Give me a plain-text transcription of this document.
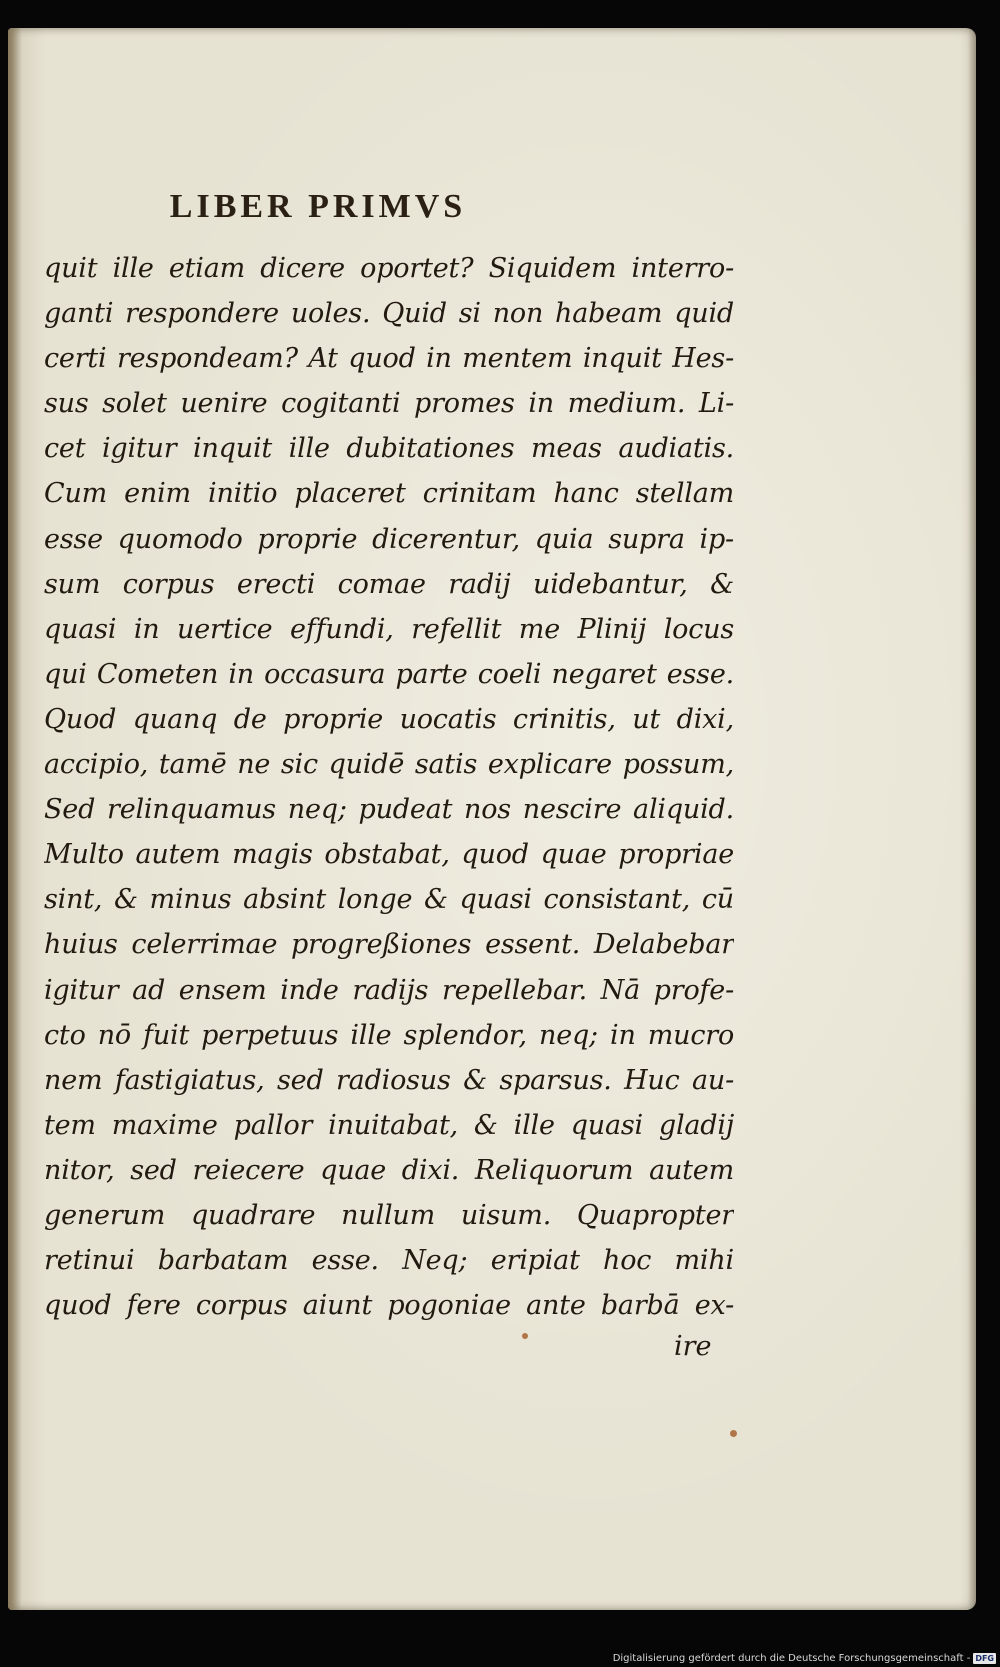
LIBER PRIMVS
quit ille etiam dicere oportet? Siquidem interro-
ganti respondere uoles. Quid si non habeam quid
certi respondeam? At quod in mentem inquit Hes-
sus solet uenire cogitanti promes in medium. Li-
cet igitur inquit ille dubitationes meas audiatis.
Cum enim initio placeret crinitam hanc stellam
esse quomodo proprie dicerentur, quia supra ip-
sum corpus erecti comae radij uidebantur, &
quasi in uertice effundi, refellit me Plinij locus
qui Cometen in occasura parte coeli negaret esse.
Quod quanq de proprie uocatis crinitis, ut dixi,
accipio, tamē ne sic quidē satis explicare possum,
Sed relinquamus neq; pudeat nos nescire aliquid.
Multo autem magis obstabat, quod quae propriae
sint, & minus absint longe & quasi consistant, cū
huius celerrimae progreßiones essent. Delabebar
igitur ad ensem inde radijs repellebar. Nā profe-
cto nō fuit perpetuus ille splendor, neq; in mucro
nem fastigiatus, sed radiosus & sparsus. Huc au-
tem maxime pallor inuitabat, & ille quasi gladij
nitor, sed reiecere quae dixi. Reliquorum autem
generum quadrare nullum uisum. Quapropter
retinui barbatam esse. Neq; eripiat hoc mihi
quod fere corpus aiunt pogoniae ante barbā ex-
ire
Digitalisierung gefördert durch die Deutsche Forschungsgemeinschaft - DFG
